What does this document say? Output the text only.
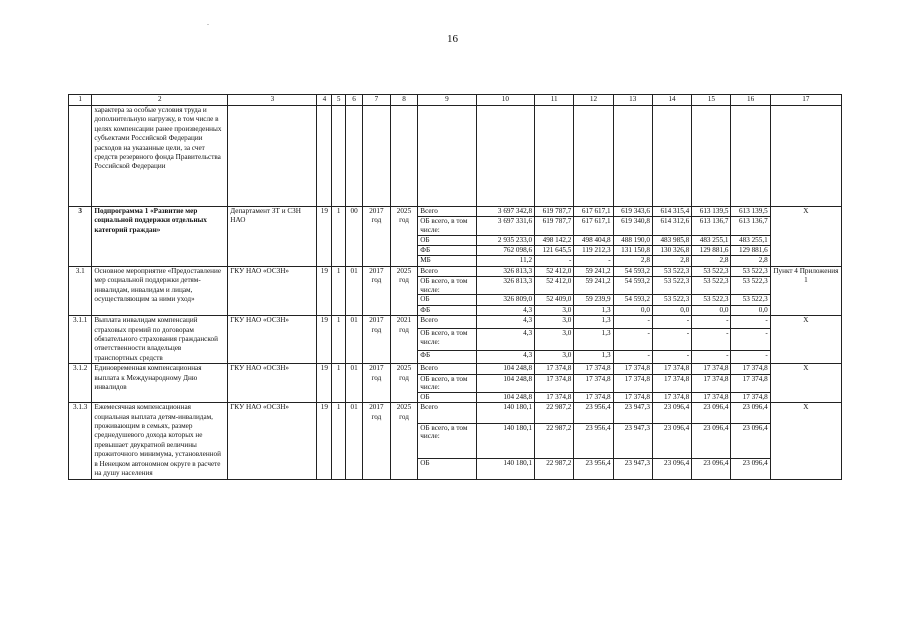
.
16
1	2	3	4	5	6	7	8	9	10	11	12	13	14	15	16	17
	характера за особые условия труда и дополнительную нагрузку, в том числе в целях компенсации ранее произведенных субъектами Российской Федерации расходов на указанные цели, за счет средств резервного фонда Правительства Российской Федерации															
3	Подпрограмма 1 «Развитие мер социальной поддержки отдельных категорий граждан»	Департамент ЗТ и СЗН НАО	19	1	00	2017 год	2025 год	Всего	3 697 342,8	619 787,7	617 617,1	619 343,6	614 315,4	613 139,5	613 139,5	X
								ОБ всего, в том числе:	3 697 331,6	619 787,7	617 617,1	619 340,8	614 312,6	613 136,7	613 136,7	
								ОБ	2 935 233,0	498 142,2	498 404,8	488 190,0	483 985,8	483 255,1	483 255,1	
								ФБ	762 098,6	121 645,5	119 212,3	131 150,8	130 326,8	129 881,6	129 881,6	
								МБ	11,2	-	-	2,8	2,8	2,8	2,8	
3.1	Основное мероприятие «Предоставление мер социальной поддержки детям-инвалидам, инвалидам и лицам, осуществляющим за ними уход»	ГКУ НАО «ОСЗН»	19	1	01	2017 год	2025 год	Всего	326 813,3	52 412,0	59 241,2	54 593,2	53 522,3	53 522,3	53 522,3	Пункт 4 Приложения 1
								ОБ всего, в том числе:	326 813,3	52 412,0	59 241,2	54 593,2	53 522,3	53 522,3	53 522,3	
								ОБ	326 809,0	52 409,0	59 239,9	54 593,2	53 522,3	53 522,3	53 522,3	
								ФБ	4,3	3,0	1,3	0,0	0,0	0,0	0,0	
3.1.1	Выплата инвалидам компенсаций страховых премий по договорам обязательного страхования гражданской ответственности владельцев транспортных средств	ГКУ НАО «ОСЗН»	19	1	01	2017 год	2021 год	Всего	4,3	3,0	1,3	-	-	-	-	X
								ОБ всего, в том числе:	4,3	3,0	1,3	-	-	-	-	
								ФБ	4,3	3,0	1,3	-	-	-	-	
3.1.2	Единовременная компенсационная выплата к Международному Дню инвалидов	ГКУ НАО «ОСЗН»	19	1	01	2017 год	2025 год	Всего	104 248,8	17 374,8	17 374,8	17 374,8	17 374,8	17 374,8	17 374,8	X
								ОБ всего, в том числе:	104 248,8	17 374,8	17 374,8	17 374,8	17 374,8	17 374,8	17 374,8	
								ОБ	104 248,8	17 374,8	17 374,8	17 374,8	17 374,8	17 374,8	17 374,8	
3.1.3	Ежемесячная компенсационная социальная выплата детям-инвалидам, проживающим в семьях, размер среднедушевого дохода которых не превышает двукратной величины прожиточного минимума, установленной в Ненецком автономном округе в расчете на душу населения	ГКУ НАО «ОСЗН»	19	1	01	2017 год	2025 год	Всего	140 180,1	22 987,2	23 956,4	23 947,3	23 096,4	23 096,4	23 096,4	X
								ОБ всего, в том числе:	140 180,1	22 987,2	23 956,4	23 947,3	23 096,4	23 096,4	23 096,4	
								ОБ	140 180,1	22 987,2	23 956,4	23 947,3	23 096,4	23 096,4	23 096,4	
